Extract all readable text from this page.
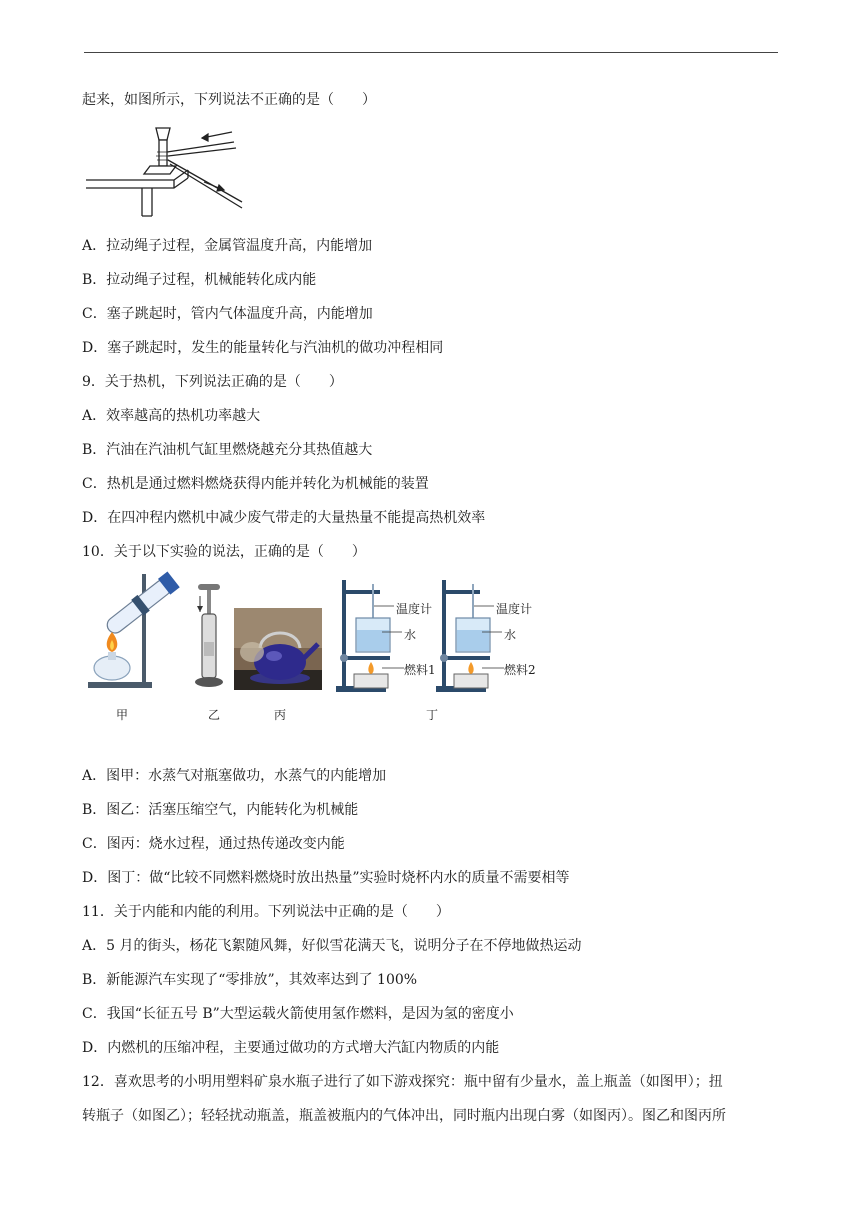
起来，如图所示，下列说法不正确的是（　　）
A．拉动绳子过程，金属管温度升高，内能增加
B．拉动绳子过程，机械能转化成内能
C．塞子跳起时，管内气体温度升高，内能增加
D．塞子跳起时，发生的能量转化与汽油机的做功冲程相同
9．关于热机，下列说法正确的是（　　）
A．效率越高的热机功率越大
B．汽油在汽油机气缸里燃烧越充分其热值越大
C．热机是通过燃料燃烧获得内能并转化为机械能的装置
D．在四冲程内燃机中减少废气带走的大量热量不能提高热机效率
10．关于以下实验的说法，正确的是（　　）
温度计
水
燃料1
温度计
水
燃料2
甲	乙	丙	丁
A．图甲：水蒸气对瓶塞做功，水蒸气的内能增加
B．图乙：活塞压缩空气，内能转化为机械能
C．图丙：烧水过程，通过热传递改变内能
D．图丁：做“比较不同燃料燃烧时放出热量”实验时烧杯内水的质量不需要相等
11．关于内能和内能的利用。下列说法中正确的是（　　）
A．5 月的街头，杨花飞絮随风舞，好似雪花满天飞，说明分子在不停地做热运动
B．新能源汽车实现了“零排放”，其效率达到了 100%
C．我国“长征五号 B”大型运载火箭使用氢作燃料，是因为氢的密度小
D．内燃机的压缩冲程，主要通过做功的方式增大汽缸内物质的内能
12．喜欢思考的小明用塑料矿泉水瓶子进行了如下游戏探究：瓶中留有少量水，盖上瓶盖（如图甲）；扭
转瓶子（如图乙）；轻轻扰动瓶盖，瓶盖被瓶内的气体冲出，同时瓶内出现白雾（如图丙）。图乙和图丙所
